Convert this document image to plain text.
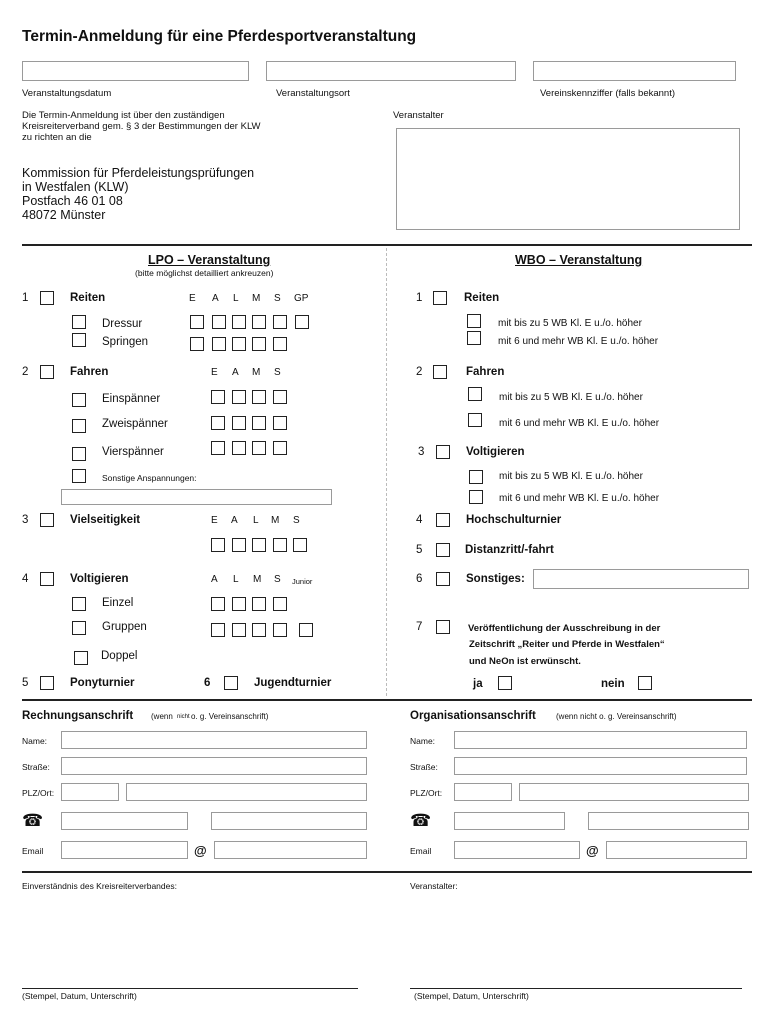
Termin-Anmeldung für eine Pferdesportveranstaltung
Veranstaltungsdatum	Veranstaltungsort	Vereinskennziffer (falls bekannt)
Die Termin-Anmeldung ist über den zuständigen
Kreisreiterverband gem. § 3 der Bestimmungen der KLW
zu richten an die
Veranstalter
Kommission für Pferdeleistungsprüfungen
in Westfalen (KLW)
Postfach 46 01 08
48072 Münster
LPO – Veranstaltung
(bitte möglichst detailliert ankreuzen)
WBO – Veranstaltung
1	Reiten	E A L M S GP
Dressur
Springen
2	Fahren	E A M S
Einspänner
Zweispänner
Vierspänner
Sonstige Anspannungen:
3	Vielseitigkeit	E A L M S
4	Voltigieren	A L M S Junior
Einzel
Gruppen
Doppel
5	Ponyturnier	6	Jugendturnier
1	Reiten
mit bis zu 5 WB Kl. E u./o. höher
mit 6 und mehr WB Kl. E u./o. höher
2	Fahren
mit bis zu 5 WB Kl. E u./o. höher
mit 6 und mehr WB Kl. E u./o. höher
3	Voltigieren
mit bis zu 5 WB Kl. E u./o. höher
mit 6 und mehr WB Kl. E u./o. höher
4	Hochschulturnier
5	Distanzritt/-fahrt
6	Sonstiges:
7	Veröffentlichung der Ausschreibung in der
Zeitschrift „Reiter und Pferde in Westfalen“
und NeOn ist erwünscht.
ja	nein
Rechnungsanschrift (wenn nicht o. g. Vereinsanschrift)
Name:
Straße:
PLZ/Ort:
☎
Email	@
Organisationsanschrift	(wenn nicht o. g. Vereinsanschrift)
Name:
Straße:
PLZ/Ort:
☎
Email	@
Einverständnis des Kreisreiterverbandes:	Veranstalter:
(Stempel, Datum, Unterschrift)	(Stempel, Datum, Unterschrift)
